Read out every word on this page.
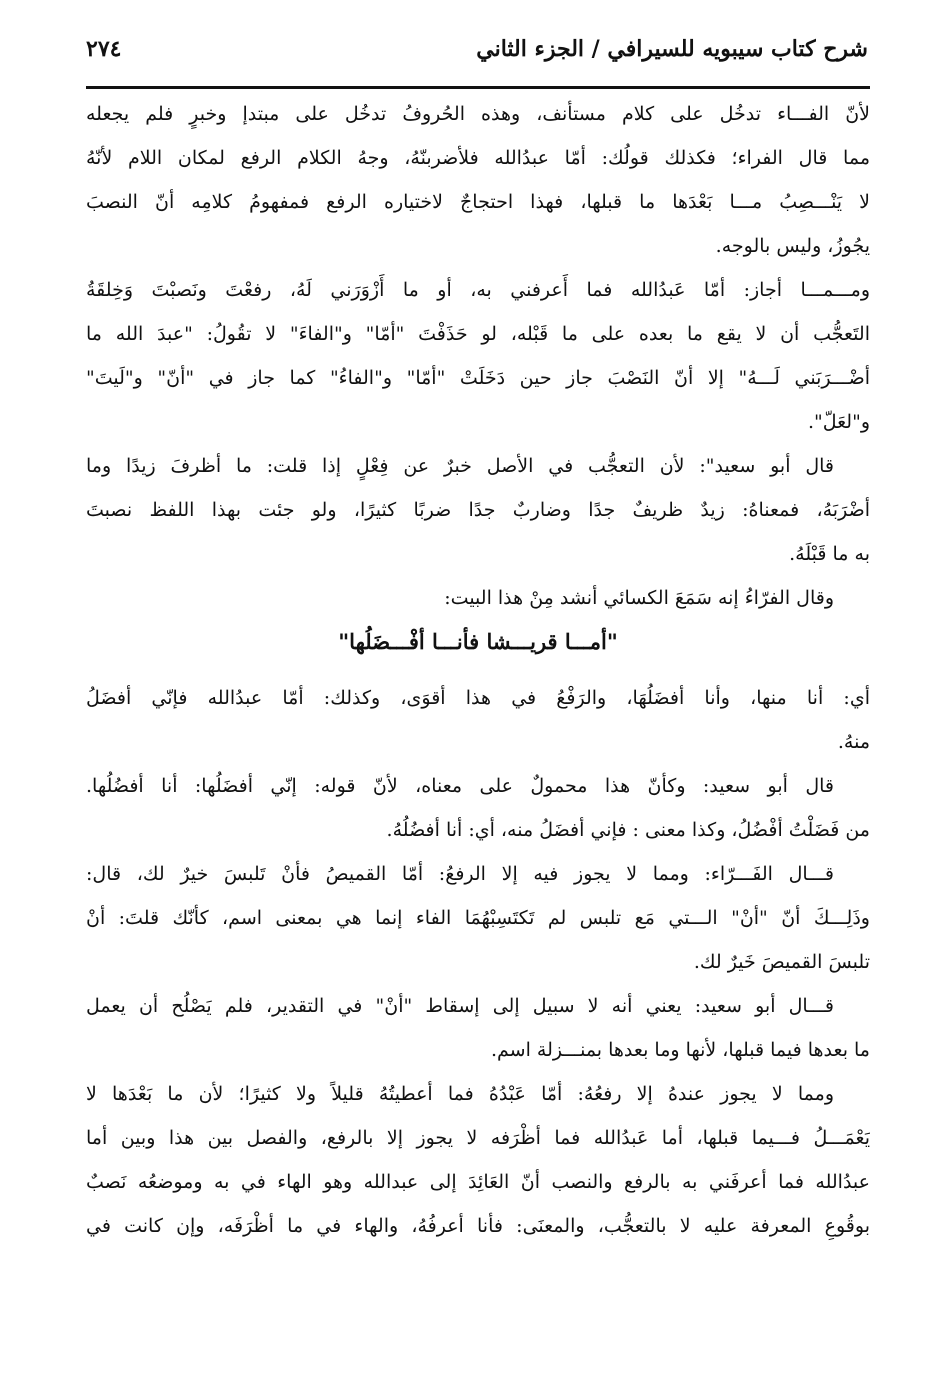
شرح كتاب سيبويه للسيرافي / الجزء الثاني
٢٧٤
لأنّ الفـــاء تدخُل على كلام مستأنف، وهذه الحُروفُ تدخُل على مبتدإ وخبرٍ فلم يجعله
مما قال الفراء؛ فكذلك قولُك: أمّا عبدُالله فلأضربنّهُ، وجهُ الكلام الرفع لمكان اللام لأنّهُ
لا يَنْـــصِبُ مـــا بَعْدَها ما قبلها، فهذا احتجاجٌ لاختياره الرفع فمفهومُ كلامِه أنّ النصبَ
يجُوزُ، وليس بالوجه.
ومـــمـــا أجاز: أمّا عَبدُالله فما أَعرفني به، أو ما أَزْوَرَني لَهُ، رفعْتَ ونَصبْتَ وَخِلقَةُ
التَعجُّب أن لا يقع ما بعده على ما قَبْله، لو حَذَفْتَ "أمّا" و"الفاءَ" لا تقُولُ: "عبدَ الله ما
أضْـــرَبَني لَـــهُ" إلا أنّ النَصْبَ جاز حين دَخَلَتْ "أمّا" و"الفاءُ" كما جاز في "أنّ" و"لَيتَ"
و"لعَلّ".
قال أبو سعيد": لأن التعجُّب في الأصل خبرٌ عن فِعْلٍ إذا قلت: ما أظرفَ زيدًا وما
أضْرَبَهُ، فمعناهُ: زيدٌ ظريفٌ جدًا وضاربٌ جدًا ضربًا كثيرًا، ولو جئت بهذا اللفظ نصبتَ
به ما قَبْلَهُ.
وقال الفرّاءُ إنه سَمَعَ الكسائي أنشد مِنْ هذا البيت:
"أمـــا قريـــشا فأنـــا أفْـــضَلُها"
أي: أنا منها، وأنا أفضَلُهَا، والرَفْعُ في هذا أقوَى، وكذلك: أمّا عبدُالله فإنّي أفضَلُ
منهُ.
قال أبو سعيد: وكأنّ هذا محمولٌ على معناه، لأنّ قوله: إنّي أفضَلُها: أنا أفضُلُها.
من فَضَلْتُ أفْضُلُ، وكذا معنى : فإني أفضَلُ منه، أي: أنا أفضُلُهُ.
قـــال الفَـــرّاء: ومما لا يجوز فيه إلا الرفعُ: أمّا القميصُ فأنْ تَلبسَ خيرٌ لك، قال:
وذَلِـــكَ أنّ "أنْ" الـــتي مَع تلبس لم تَكتَسِبْهُمَا الفاء إنما هي بمعنى اسم، كأنّك قلتَ: أنْ
تلبسَ القميصَ خَيرٌ لك.
قـــال أبو سعيد: يعني أنه لا سبيل إلى إسقاط "أنْ" في التقدير، فلم يَصْلُح أن يعمل
ما بعدها فيما قبلها، لأنها وما بعدها بمنـــزلة اسم.
ومما لا يجوز عندهُ إلا رفعُهُ: أمّا عَبْدُهُ فما أعطيتُهُ قليلاً ولا كثيرًا؛ لأن ما بَعْدَها لا
يَعْمَـــلُ فـــيما قبلها، أما عَبدُالله فما أظْرَفه لا يجوز إلا بالرفع، والفصل بين هذا وبين أما
عبدُالله فما أعرفَني به بالرفع والنصب أنّ العَائِدَ إلى عبدالله وهو الهاء في به وموضعُه نَصبٌ
بوقُوعِ المعرفة عليه لا بالتعجُّب، والمعنَى: فأنا أعرفُهُ، والهاء في ما أظْرَفَه، وإن كانت في
